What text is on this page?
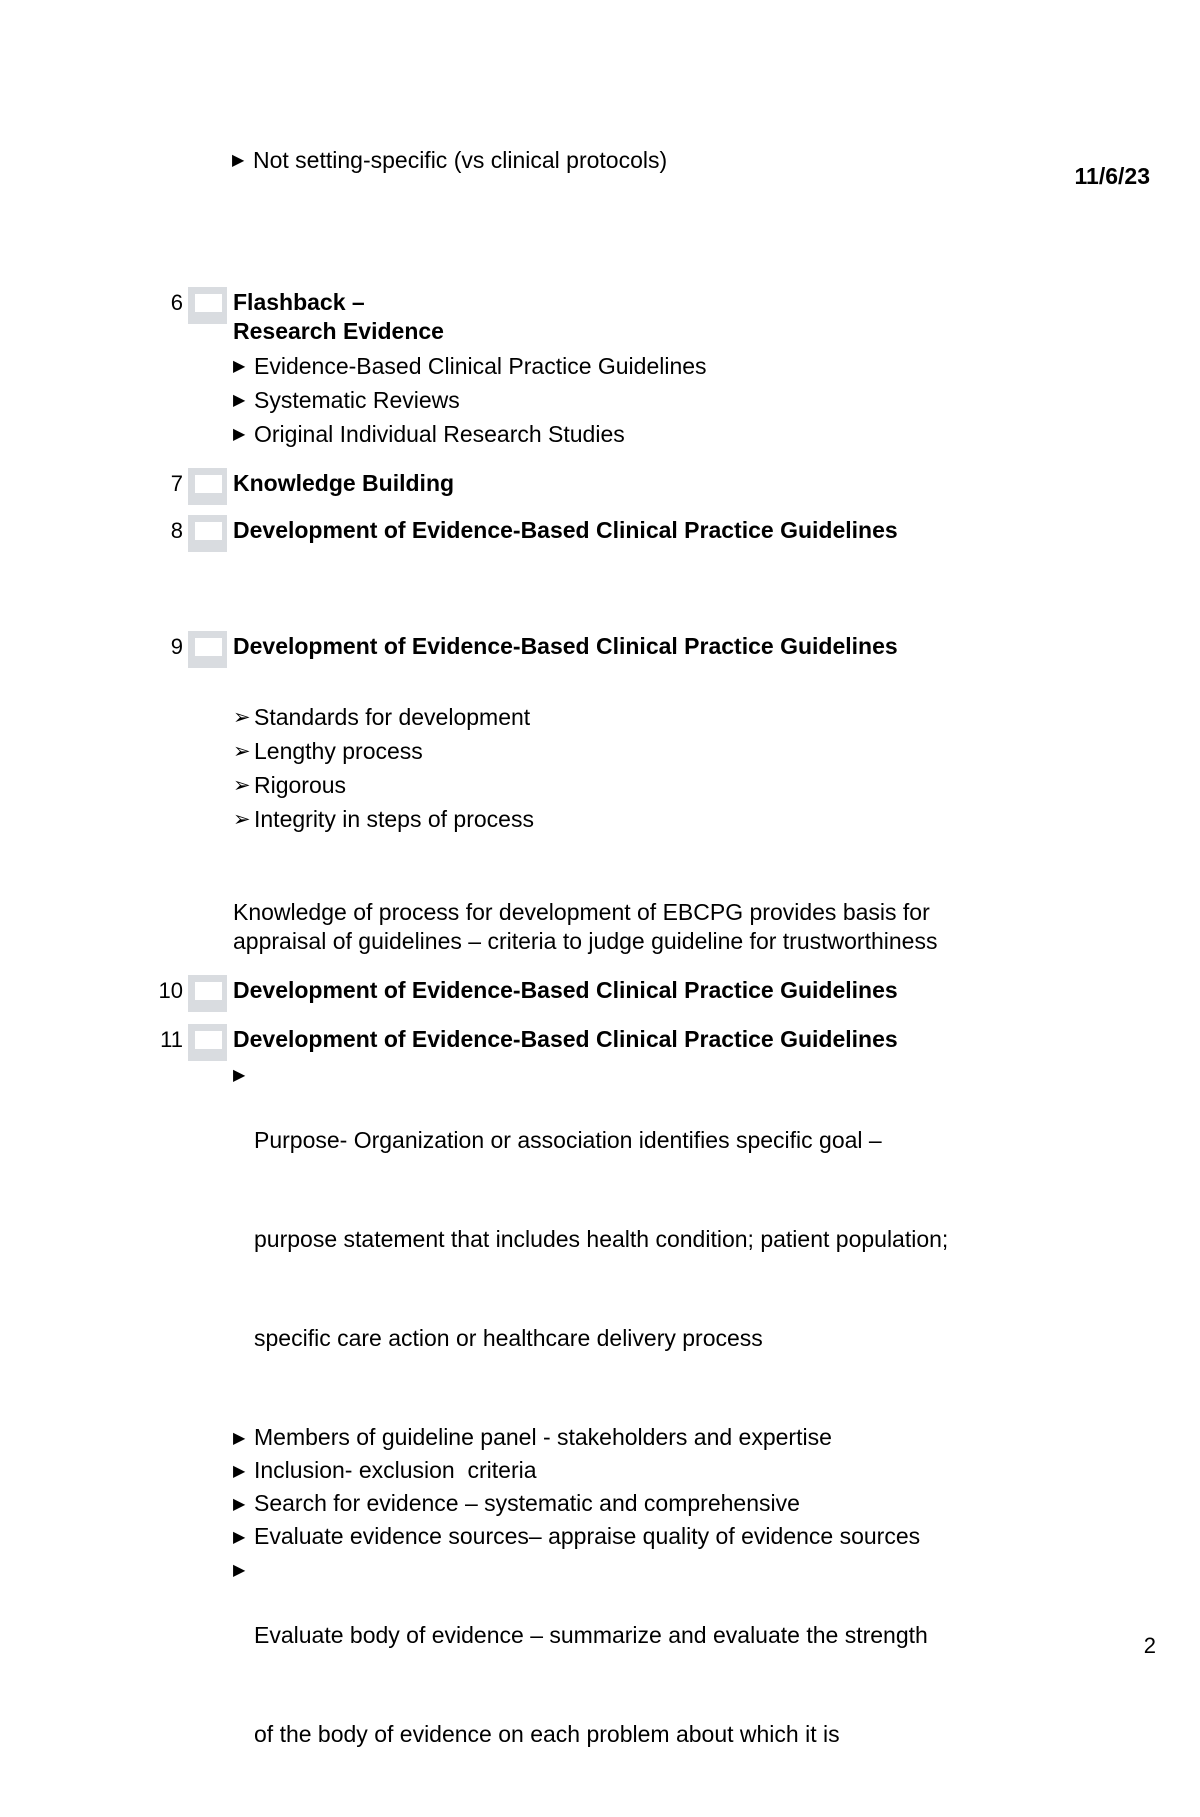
11/6/23
▶ Not setting-specific (vs clinical protocols)
6 Flashback –
Research Evidence
▶ Evidence-Based Clinical Practice Guidelines
▶ Systematic Reviews
▶ Original Individual Research Studies
7 Knowledge Building
8 Development of Evidence-Based Clinical Practice Guidelines
9 Development of Evidence-Based Clinical Practice Guidelines
➢ Standards for development
➢ Lengthy process
➢ Rigorous
➢ Integrity in steps of process
Knowledge of process for development of EBCPG provides basis for
appraisal of guidelines – criteria to judge guideline for trustworthiness
10 Development of Evidence-Based Clinical Practice Guidelines
11 Development of Evidence-Based Clinical Practice Guidelines
▶

Purpose- Organization or association identifies specific goal –

purpose statement that includes health condition; patient population;

specific care action or healthcare delivery process

▶ Members of guideline panel - stakeholders and expertise
▶ Inclusion- exclusion  criteria
▶ Search for evidence – systematic and comprehensive
▶ Evaluate evidence sources– appraise quality of evidence sources
▶

Evaluate body of evidence – summarize and evaluate the strength

of the body of evidence on each problem about which it is

2
